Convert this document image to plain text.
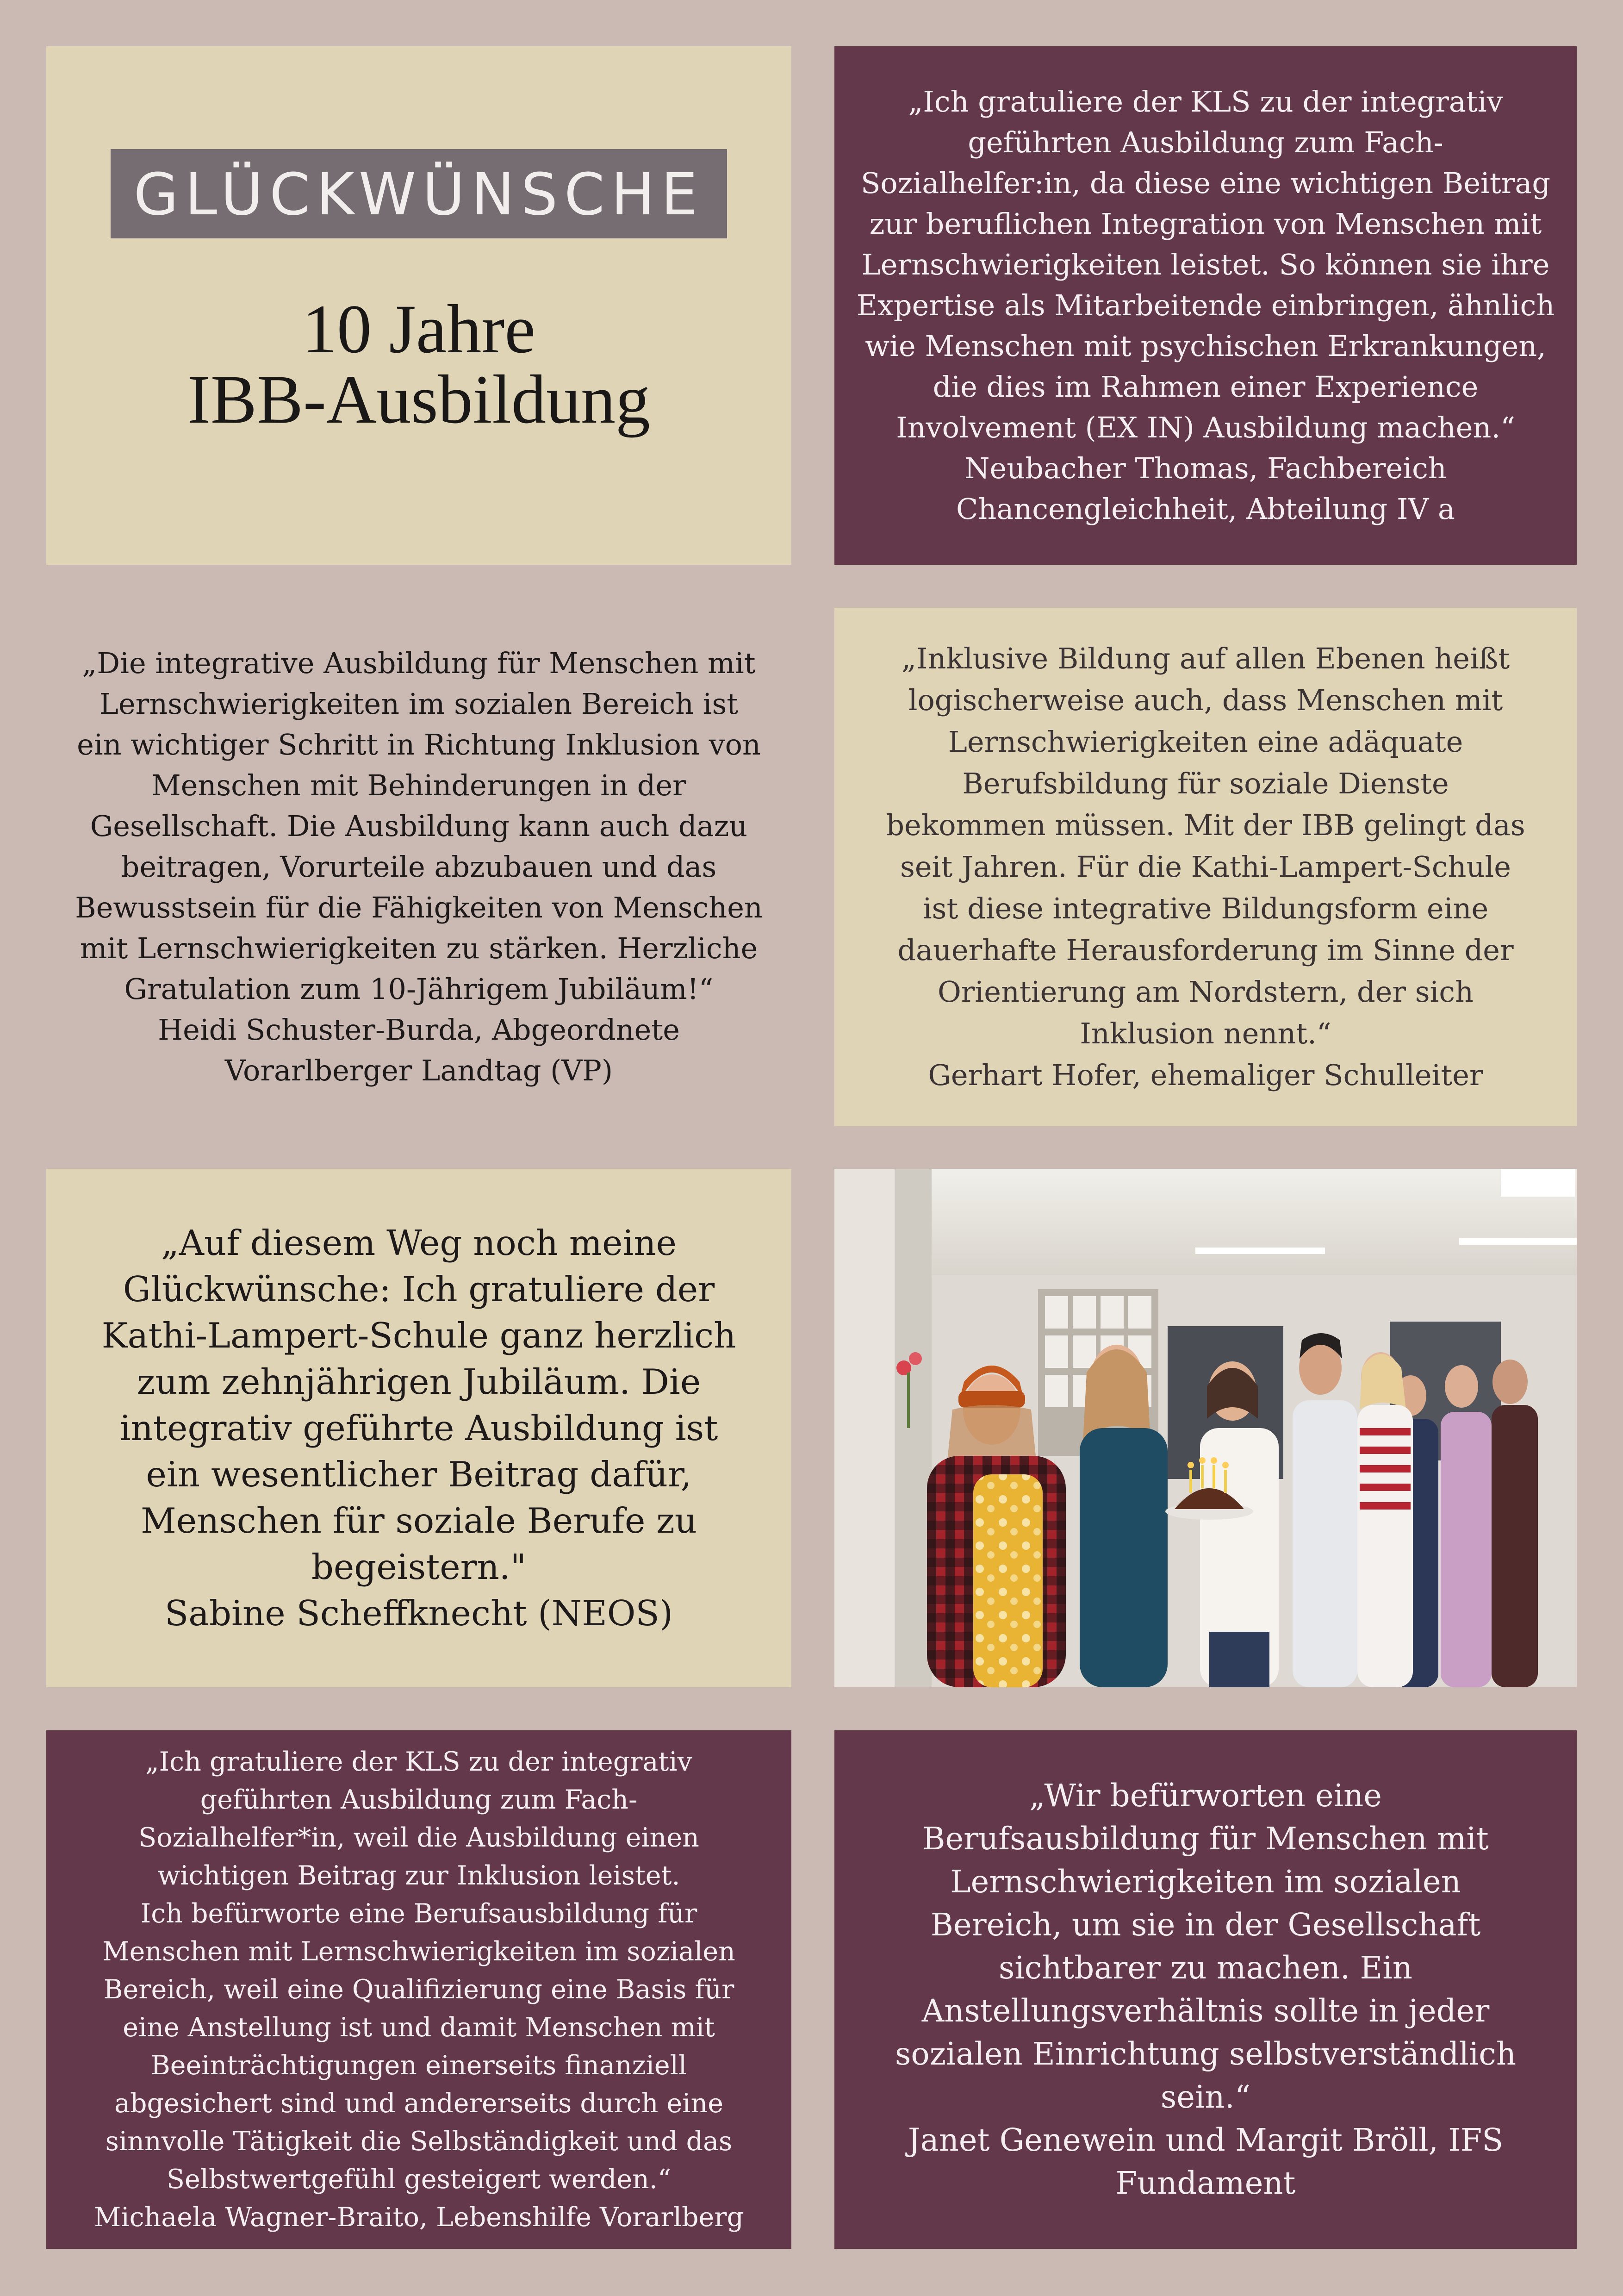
GLÜCKWÜNSCHE
10 Jahre
IBB-Ausbildung

„Ich gratuliere der KLS zu der integrativ
geführten Ausbildung zum Fach-
Sozialhelfer:in, da diese eine wichtigen Beitrag
zur beruflichen Integration von Menschen mit
Lernschwierigkeiten leistet. So können sie ihre
Expertise als Mitarbeitende einbringen, ähnlich
wie Menschen mit psychischen Erkrankungen,
die dies im Rahmen einer Experience
Involvement (EX IN) Ausbildung machen.“
Neubacher Thomas, Fachbereich
Chancengleichheit, Abteilung IV a

„Die integrative Ausbildung für Menschen mit
Lernschwierigkeiten im sozialen Bereich ist
ein wichtiger Schritt in Richtung Inklusion von
Menschen mit Behinderungen in der
Gesellschaft. Die Ausbildung kann auch dazu
beitragen, Vorurteile abzubauen und das
Bewusstsein für die Fähigkeiten von Menschen
mit Lernschwierigkeiten zu stärken. Herzliche
Gratulation zum 10-Jährigem Jubiläum!“
Heidi Schuster-Burda, Abgeordnete
Vorarlberger Landtag (VP)

„Inklusive Bildung auf allen Ebenen heißt
logischerweise auch, dass Menschen mit
Lernschwierigkeiten eine adäquate
Berufsbildung für soziale Dienste
bekommen müssen. Mit der IBB gelingt das
seit Jahren. Für die Kathi-Lampert-Schule
ist diese integrative Bildungsform eine
dauerhafte Herausforderung im Sinne der
Orientierung am Nordstern, der sich
Inklusion nennt.“
Gerhart Hofer, ehemaliger Schulleiter

„Auf diesem Weg noch meine
Glückwünsche: Ich gratuliere der
Kathi-Lampert-Schule ganz herzlich
zum zehnjährigen Jubiläum. Die
integrativ geführte Ausbildung ist
ein wesentlicher Beitrag dafür,
Menschen für soziale Berufe zu
begeistern."
Sabine Scheffknecht (NEOS)

„Ich gratuliere der KLS zu der integrativ
geführten Ausbildung zum Fach-
Sozialhelfer*in, weil die Ausbildung einen
wichtigen Beitrag zur Inklusion leistet.
Ich befürworte eine Berufsausbildung für
Menschen mit Lernschwierigkeiten im sozialen
Bereich, weil eine Qualifizierung eine Basis für
eine Anstellung ist und damit Menschen mit
Beeinträchtigungen einerseits finanziell
abgesichert sind und andererseits durch eine
sinnvolle Tätigkeit die Selbständigkeit und das
Selbstwertgefühl gesteigert werden.“
Michaela Wagner-Braito, Lebenshilfe Vorarlberg

„Wir befürworten eine
Berufsausbildung für Menschen mit
Lernschwierigkeiten im sozialen
Bereich, um sie in der Gesellschaft
sichtbarer zu machen. Ein
Anstellungsverhältnis sollte in jeder
sozialen Einrichtung selbstverständlich
sein.“
Janet Genewein und Margit Bröll, IFS
Fundament
